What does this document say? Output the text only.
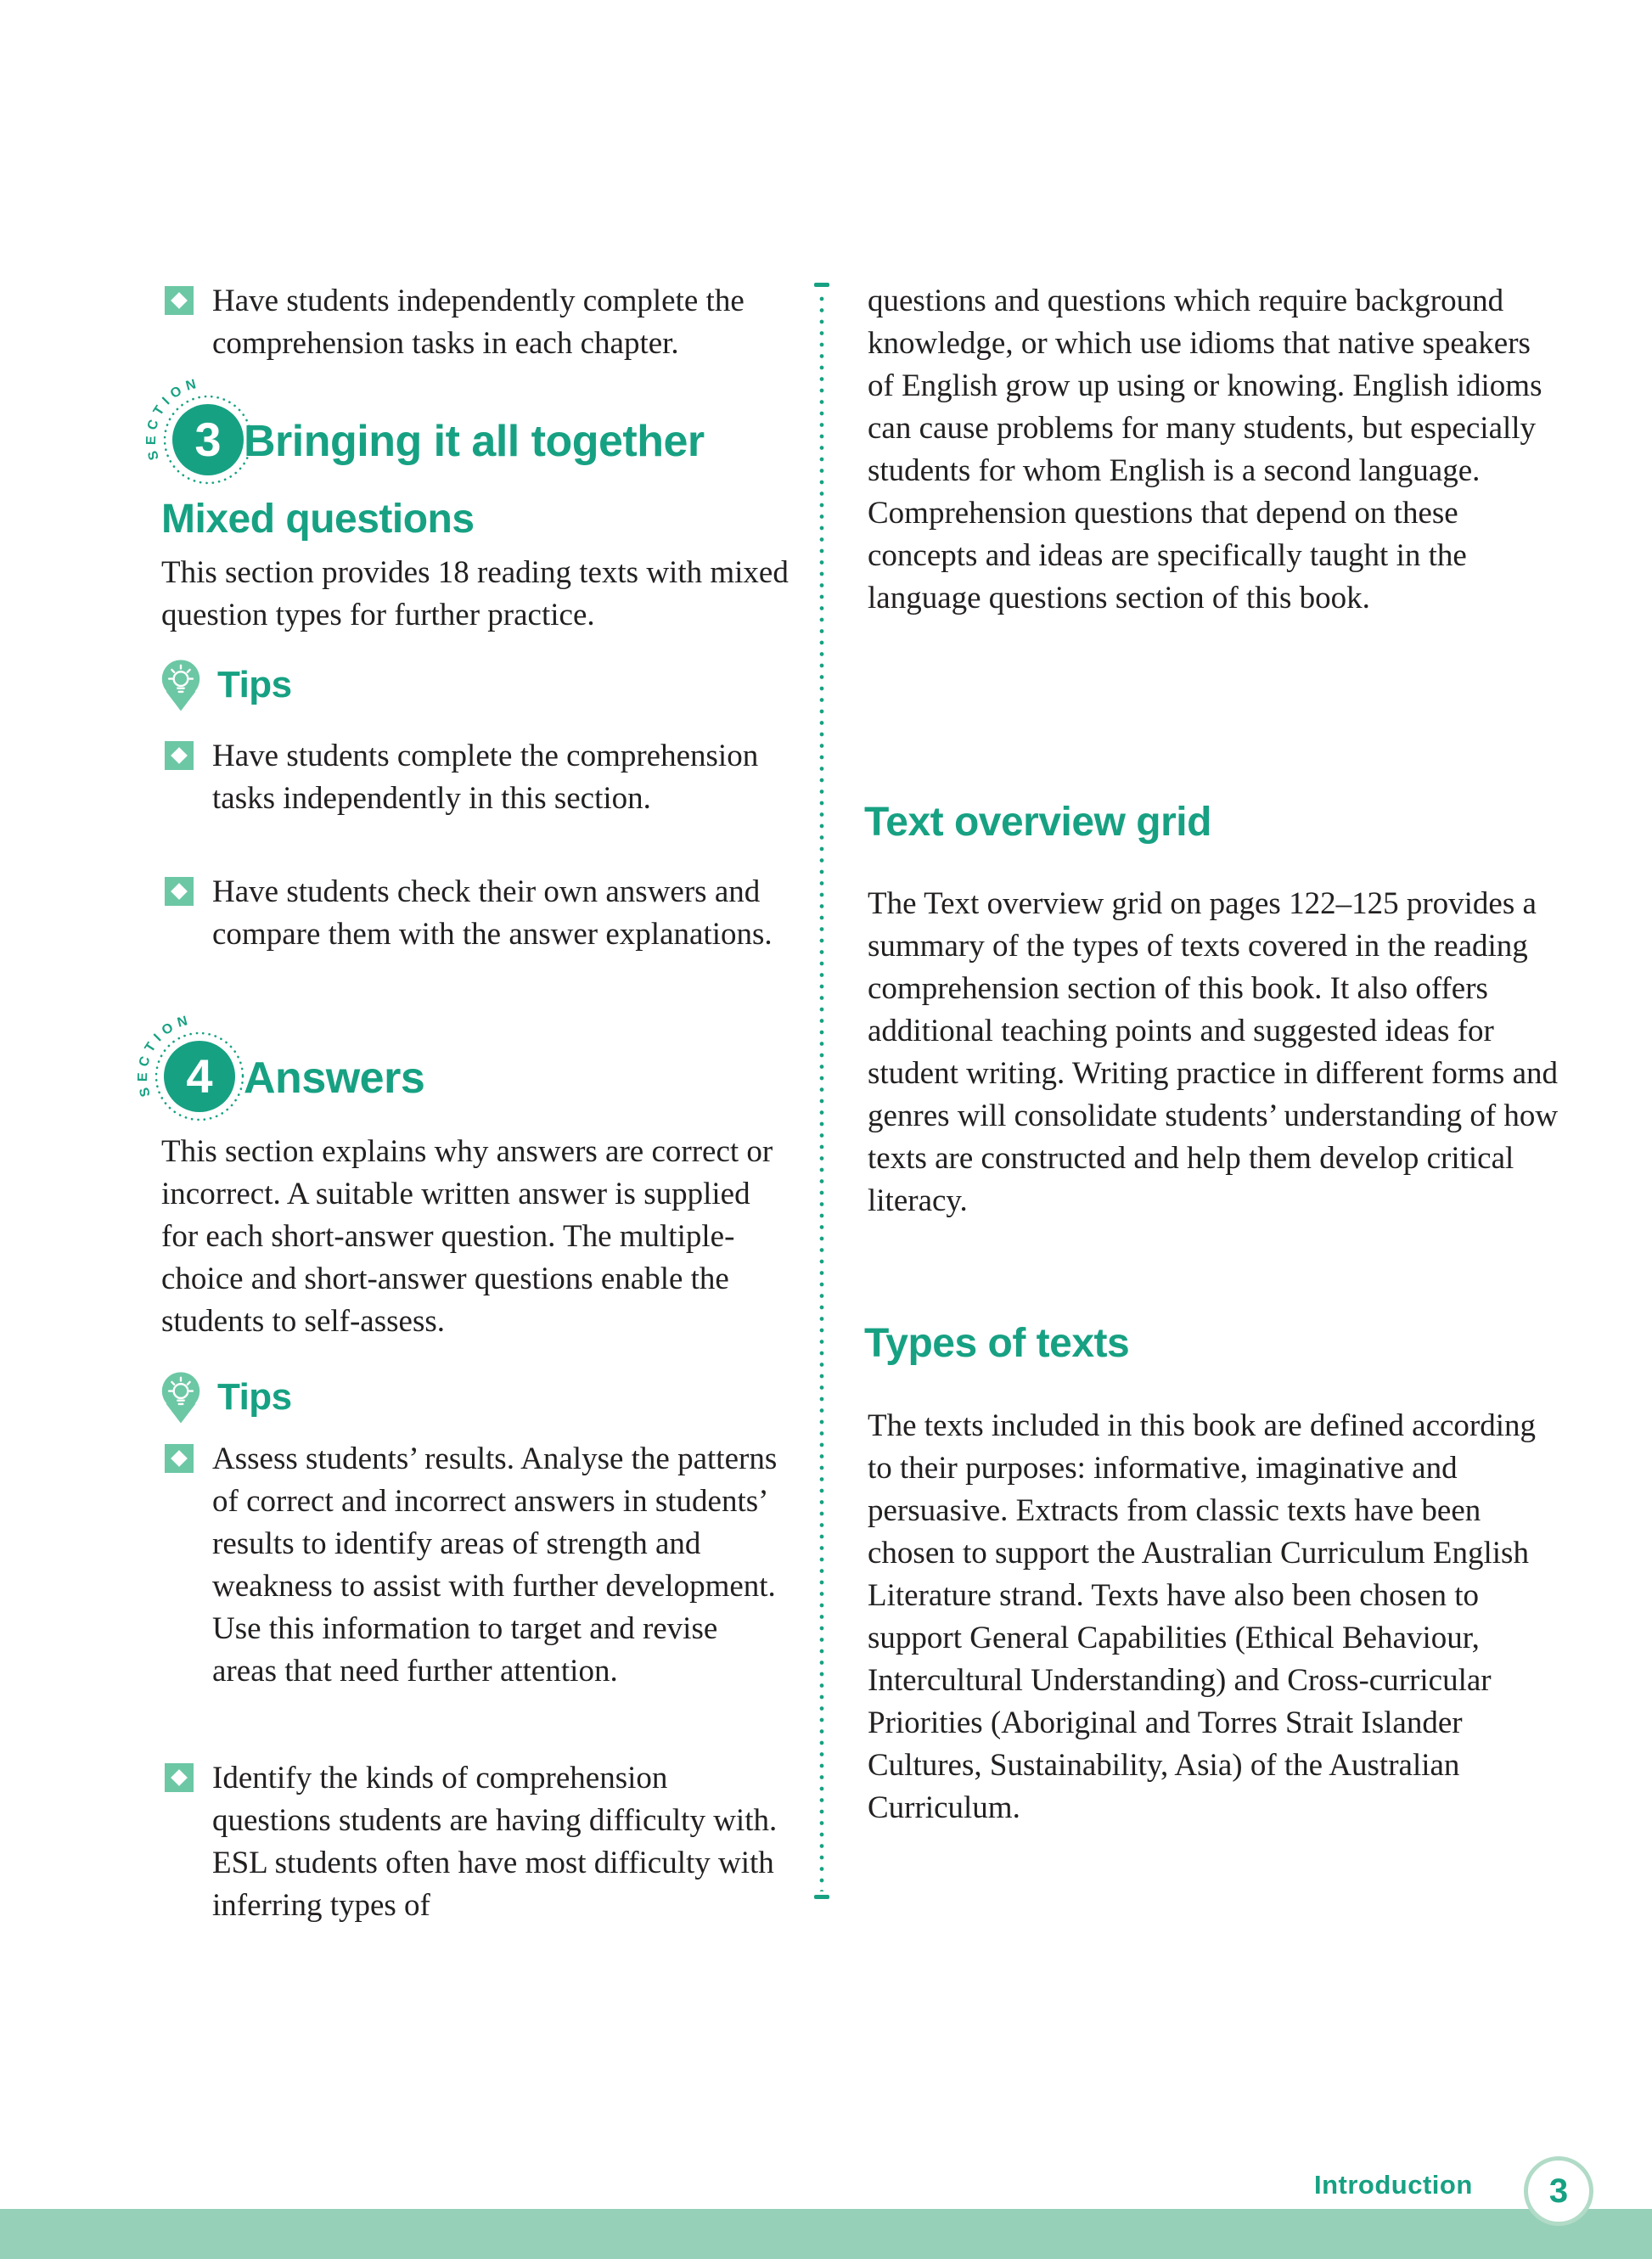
Have students independently complete the comprehension tasks in each chapter.

SECTION
3 Bringing it all together
Mixed questions

This section provides 18 reading texts with mixed question types for further practice.

Tips

Have students complete the comprehension tasks independently in this section.

Have students check their own answers and compare them with the answer explanations.

SECTION
4 Answers

This section explains why answers are correct or incorrect. A suitable written answer is supplied for each short-answer question. The multiple-choice and short-answer questions enable the students to self-assess.

Tips

Assess students’ results. Analyse the patterns of correct and incorrect answers in students’ results to identify areas of strength and weakness to assist with further development. Use this information to target and revise areas that need further attention.

Identify the kinds of comprehension questions students are having difficulty with. ESL students often have most difficulty with inferring types of

questions and questions which require background knowledge, or which use idioms that native speakers of English grow up using or knowing. English idioms can cause problems for many students, but especially students for whom English is a second language. Comprehension questions that depend on these concepts and ideas are specifically taught in the language questions section of this book.

Text overview grid

The Text overview grid on pages 122–125 provides a summary of the types of texts covered in the reading comprehension section of this book. It also offers additional teaching points and suggested ideas for student writing. Writing practice in different forms and genres will consolidate students’ understanding of how texts are constructed and help them develop critical literacy.

Types of texts

The texts included in this book are defined according to their purposes: informative, imaginative and persuasive. Extracts from classic texts have been chosen to support the Australian Curriculum English Literature strand. Texts have also been chosen to support General Capabilities (Ethical Behaviour, Intercultural Understanding) and Cross-curricular Priorities (Aboriginal and Torres Strait Islander Cultures, Sustainability, Asia) of the Australian Curriculum.

Introduction 3
